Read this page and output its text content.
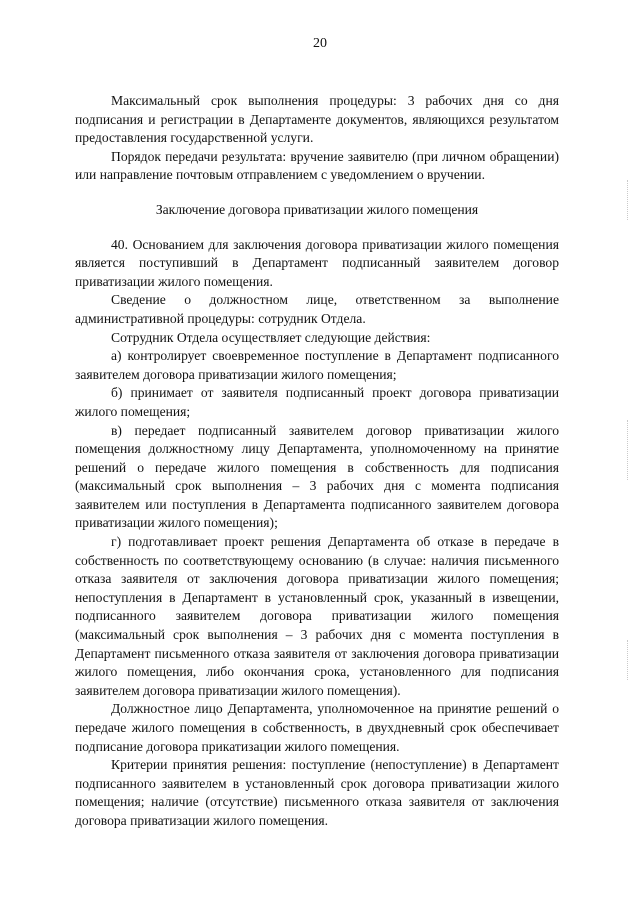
20

Максимальный срок выполнения процедуры: 3 рабочих дня со дня подписания и регистрации в Департаменте документов, являющихся результатом предоставления государственной услуги.

Порядок передачи результата: вручение заявителю (при личном обращении) или направление почтовым отправлением с уведомлением о вручении.

Заключение договора приватизации жилого помещения

40. Основанием для заключения договора приватизации жилого помещения является поступивший в Департамент подписанный заявителем договор приватизации жилого помещения.

Сведение о должностном лице, ответственном за выполнение административной процедуры: сотрудник Отдела.

Сотрудник Отдела осуществляет следующие действия:

а) контролирует своевременное поступление в Департамент подписанного заявителем договора приватизации жилого помещения;

б) принимает от заявителя подписанный проект договора приватизации жилого помещения;

в) передает подписанный заявителем договор приватизации жилого помещения должностному лицу Департамента, уполномоченному на принятие решений о передаче жилого помещения в собственность для подписания (максимальный срок выполнения – 3 рабочих дня с момента подписания заявителем или поступления в Департамента подписанного заявителем договора приватизации жилого помещения);

г) подготавливает проект решения Департамента об отказе в передаче в собственность по соответствующему основанию (в случае: наличия письменного отказа заявителя от заключения договора приватизации жилого помещения; непоступления в Департамент в установленный срок, указанный в извещении, подписанного заявителем договора приватизации жилого помещения (максимальный срок выполнения – 3 рабочих дня с момента поступления в Департамент письменного отказа заявителя от заключения договора приватизации жилого помещения, либо окончания срока, установленного для подписания заявителем договора приватизации жилого помещения).

Должностное лицо Департамента, уполномоченное на принятие решений о передаче жилого помещения в собственность, в двухдневный срок обеспечивает подписание договора прикатизации жилого помещения.

Критерии принятия решения: поступление (непоступление) в Департамент подписанного заявителем в установленный срок договора приватизации жилого помещения; наличие (отсутствие) письменного отказа заявителя от заключения договора приватизации жилого помещения.
